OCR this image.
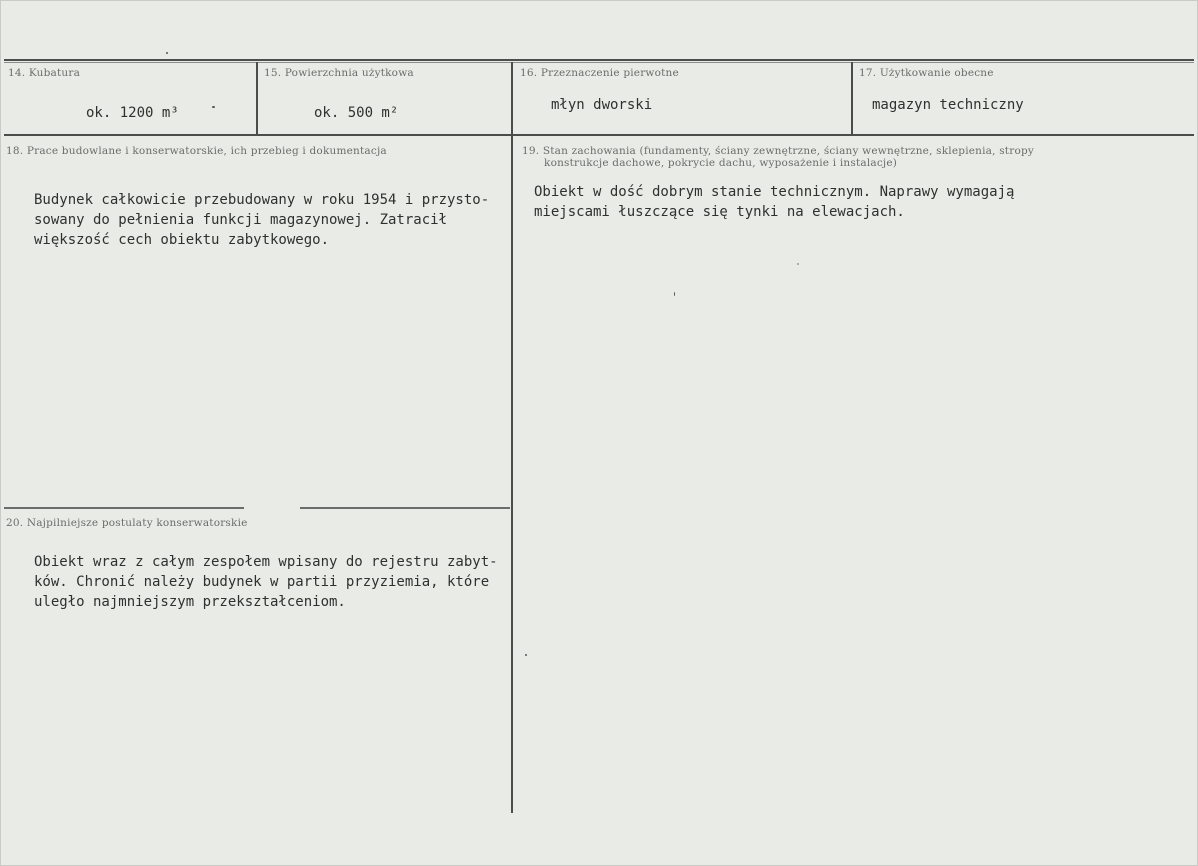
14. Kubatura
ok. 1200 m³
15. Powierzchnia użytkowa
ok. 500 m²
16. Przeznaczenie pierwotne
młyn dworski
17. Użytkowanie obecne
magazyn techniczny
18. Prace budowlane i konserwatorskie, ich przebieg i dokumentacja
Budynek całkowicie przebudowany w roku 1954 i przysto-
sowany do pełnienia funkcji magazynowej. Zatracił
większość cech obiektu zabytkowego.
19. Stan zachowania (fundamenty, ściany zewnętrzne, ściany wewnętrzne, sklepienia, stropy
konstrukcje dachowe, pokrycie dachu, wyposażenie i instalacje)
Obiekt w dość dobrym stanie technicznym. Naprawy wymagają
miejscami łuszczące się tynki na elewacjach.
20. Najpilniejsze postulaty konserwatorskie
Obiekt wraz z całym zespołem wpisany do rejestru zabyt-
ków. Chronić należy budynek w partii przyziemia, które
uległo najmniejszym przekształceniom.
